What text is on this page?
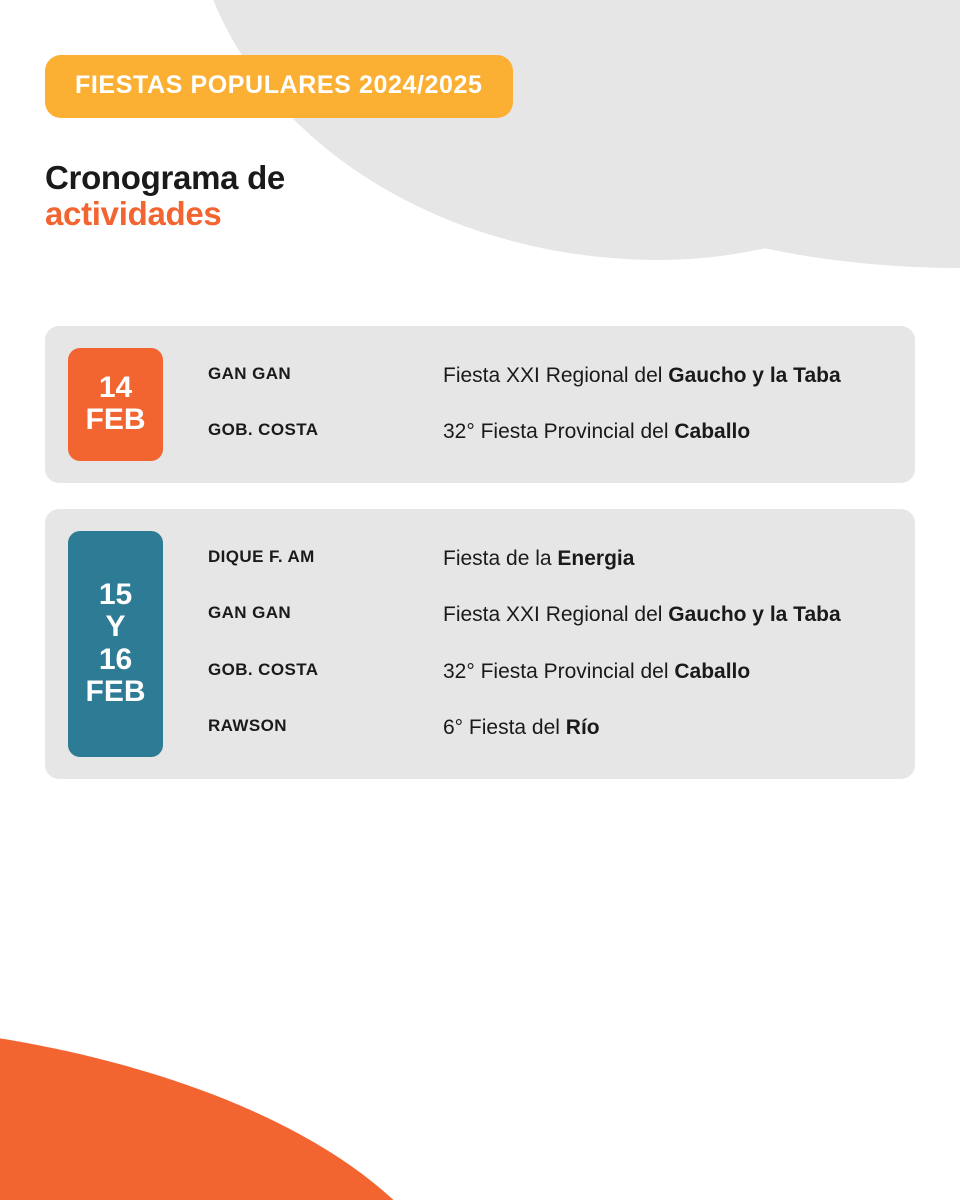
FIESTAS POPULARES 2024/2025
Cronograma de
actividades
14
FEB
GAN GAN	Fiesta XXI Regional del Gaucho y la Taba
GOB. COSTA	32° Fiesta Provincial del Caballo
15
Y
16
FEB
DIQUE F. AM	Fiesta de la Energia
GAN GAN	Fiesta XXI Regional del Gaucho y la Taba
GOB. COSTA	32° Fiesta Provincial del Caballo
RAWSON	6° Fiesta del Río
